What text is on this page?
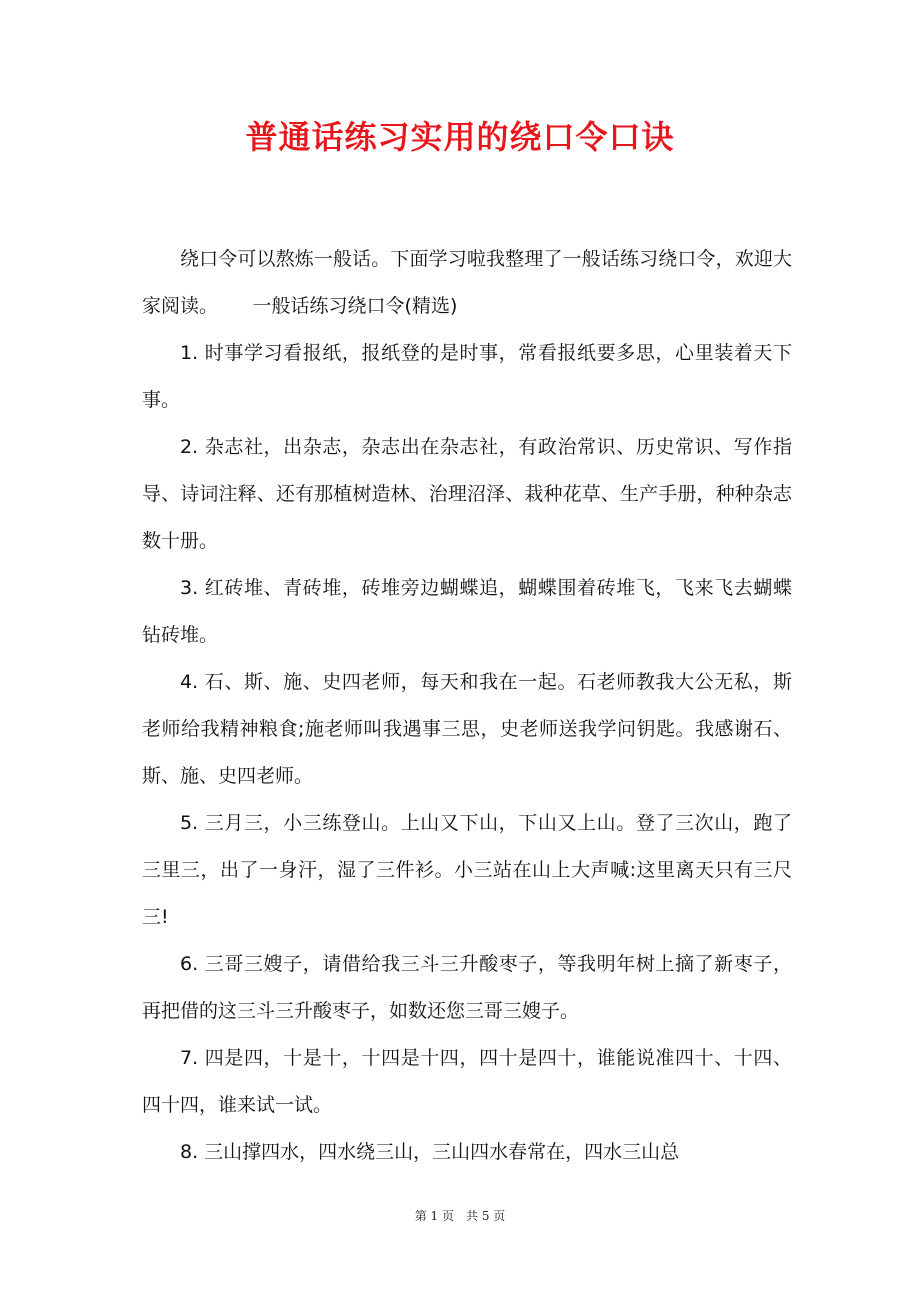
普通话练习实用的绕口令口诀

绕口令可以熬炼一般话。下面学习啦我整理了一般话练习绕口令，欢迎大家阅读。　　 一般话练习绕口令(精选)

1. 时事学习看报纸，报纸登的是时事，常看报纸要多思，心里装着天下事。

2. 杂志社，出杂志，杂志出在杂志社，有政治常识、历史常识、写作指导、诗词注释、还有那植树造林、治理沼泽、栽种花草、生产手册，种种杂志数十册。

3. 红砖堆、青砖堆，砖堆旁边蝴蝶追，蝴蝶围着砖堆飞，飞来飞去蝴蝶钻砖堆。

4. 石、斯、施、史四老师，每天和我在一起。石老师教我大公无私，斯老师给我精神粮食;施老师叫我遇事三思，史老师送我学问钥匙。我感谢石、斯、施、史四老师。

5. 三月三，小三练登山。上山又下山，下山又上山。登了三次山，跑了三里三，出了一身汗，湿了三件衫。小三站在山上大声喊:这里离天只有三尺三!

6. 三哥三嫂子，请借给我三斗三升酸枣子，等我明年树上摘了新枣子，再把借的这三斗三升酸枣子，如数还您三哥三嫂子。

7. 四是四，十是十，十四是十四，四十是四十，谁能说准四十、十四、四十四，谁来试一试。

8. 三山撑四水，四水绕三山，三山四水春常在，四水三山总

第 1 页　共 5 页
